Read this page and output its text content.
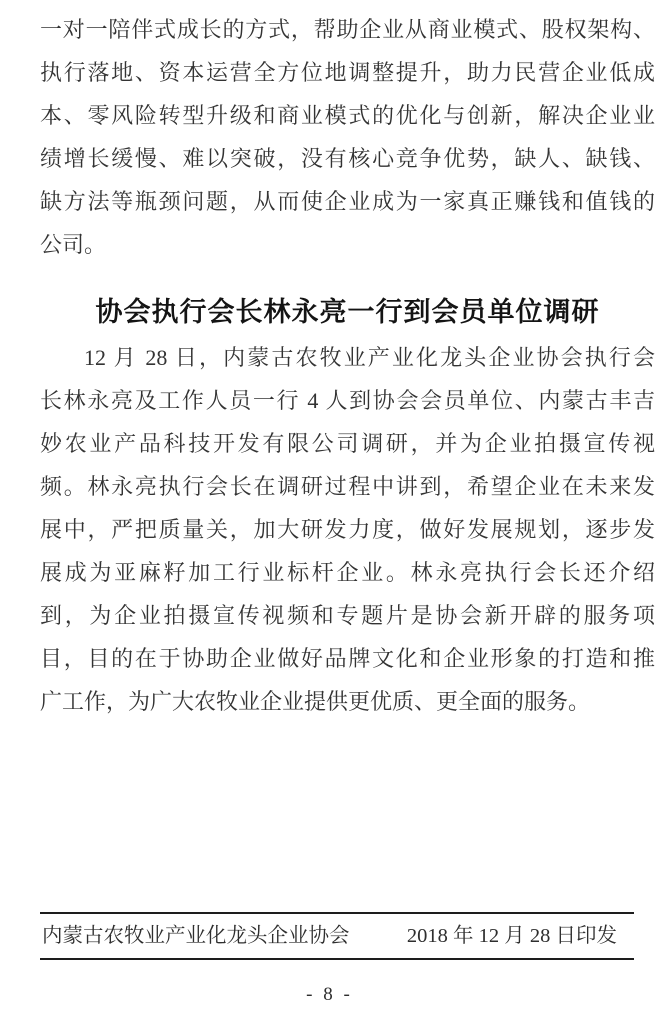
一对一陪伴式成长的方式，帮助企业从商业模式、股权架构、
执行落地、资本运营全方位地调整提升，助力民营企业低成
本、零风险转型升级和商业模式的优化与创新，解决企业业
绩增长缓慢、难以突破，没有核心竞争优势，缺人、缺钱、
缺方法等瓶颈问题，从而使企业成为一家真正赚钱和值钱的
公司。
协会执行会长林永亮一行到会员单位调研
12 月 28 日，内蒙古农牧业产业化龙头企业协会执行会
长林永亮及工作人员一行 4 人到协会会员单位、内蒙古丰吉
妙农业产品科技开发有限公司调研，并为企业拍摄宣传视
频。林永亮执行会长在调研过程中讲到，希望企业在未来发
展中，严把质量关，加大研发力度，做好发展规划，逐步发
展成为亚麻籽加工行业标杆企业。林永亮执行会长还介绍
到，为企业拍摄宣传视频和专题片是协会新开辟的服务项
目，目的在于协助企业做好品牌文化和企业形象的打造和推
广工作，为广大农牧业企业提供更优质、更全面的服务。
内蒙古农牧业产业化龙头企业协会	2018 年 12 月 28 日印发
- 8 -
